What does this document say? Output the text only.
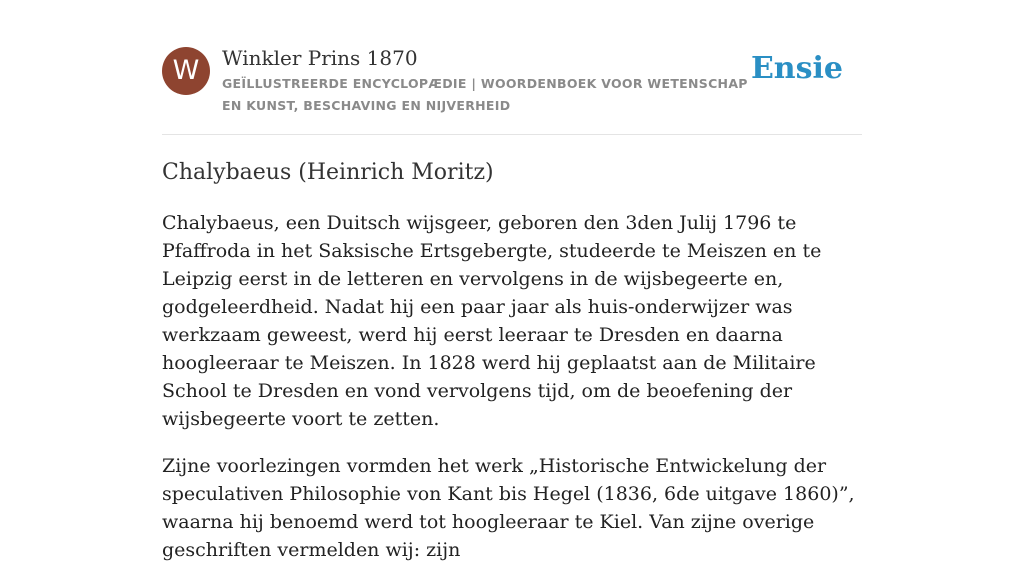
W	Winkler Prins 1870
GEÏLLUSTREERDE ENCYCLOPÆDIE | WOORDENBOEK VOOR WETENSCHAP EN KUNST, BESCHAVING EN NIJVERHEID
Ensie
Chalybaeus (Heinrich Moritz)

Chalybaeus, een Duitsch wijsgeer, geboren den 3den Julij 1796 te Pfaffroda in het Saksische Ertsgebergte, studeerde te Meiszen en te Leipzig eerst in de letteren en vervolgens in de wijsbegeerte en, godgeleerdheid. Nadat hij een paar jaar als huis-onderwijzer was werkzaam geweest, werd hij eerst leeraar te Dresden en daarna hoogleeraar te Meiszen. In 1828 werd hij geplaatst aan de Militaire School te Dresden en vond vervolgens tijd, om de beoefening der wijsbegeerte voort te zetten.

Zijne voorlezingen vormden het werk „Historische Entwickelung der speculativen Philosophie von Kant bis Hegel (1836, 6de uitgave 1860)”, waarna hij benoemd werd tot hoogleeraar te Kiel. Van zijne overige geschriften vermelden wij: zijn
